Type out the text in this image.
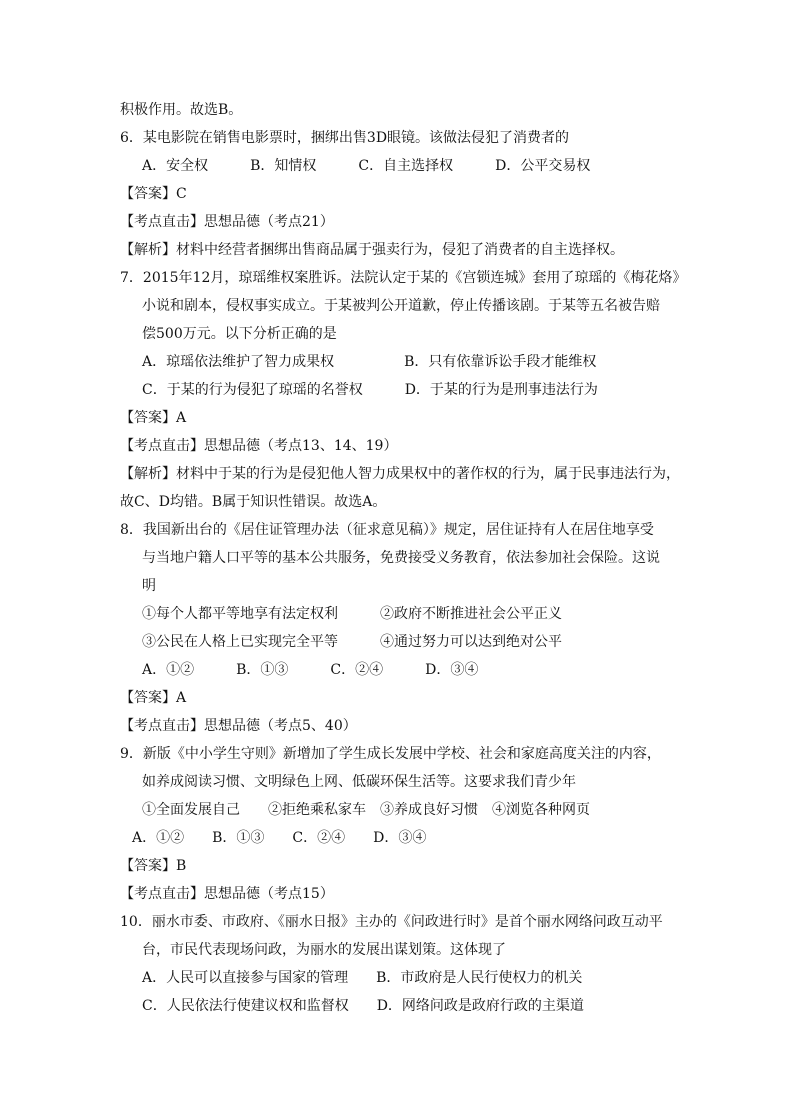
积极作用。故选B。
6．某电影院在销售电影票时，捆绑出售3D眼镜。该做法侵犯了消费者的
A．安全权　　　B．知情权　　　C．自主选择权　　　D．公平交易权
【答案】C
【考点直击】思想品德（考点21）
【解析】材料中经营者捆绑出售商品属于强卖行为，侵犯了消费者的自主选择权。
7．2015年12月，琼瑶维权案胜诉。法院认定于某的《宫锁连城》套用了琼瑶的《梅花烙》
小说和剧本，侵权事实成立。于某被判公开道歉，停止传播该剧。于某等五名被告赔
偿500万元。以下分析正确的是
A．琼瑶依法维护了智力成果权　　　　　B．只有依靠诉讼手段才能维权
C．于某的行为侵犯了琼瑶的名誉权　　　D．于某的行为是刑事违法行为
【答案】A
【考点直击】思想品德（考点13、14、19）
【解析】材料中于某的行为是侵犯他人智力成果权中的著作权的行为，属于民事违法行为，
故C、D均错。B属于知识性错误。故选A。
8．我国新出台的《居住证管理办法（征求意见稿）》规定，居住证持有人在居住地享受
与当地户籍人口平等的基本公共服务，免费接受义务教育，依法参加社会保险。这说
明
①每个人都平等地享有法定权利　　　②政府不断推进社会公平正义
③公民在人格上已实现完全平等　　　④通过努力可以达到绝对公平
A．①②　　　B．①③　　　C．②④　　　D．③④
【答案】A
【考点直击】思想品德（考点5、40）
9．新版《中小学生守则》新增加了学生成长发展中学校、社会和家庭高度关注的内容，
如养成阅读习惯、文明绿色上网、低碳环保生活等。这要求我们青少年
①全面发展自己　　②拒绝乘私家车　③养成良好习惯　④浏览各种网页
A．①②　　B．①③　　C．②④　　D．③④
【答案】B
【考点直击】思想品德（考点15）
10．丽水市委、市政府、《丽水日报》主办的《问政进行时》是首个丽水网络问政互动平
台，市民代表现场问政，为丽水的发展出谋划策。这体现了
A．人民可以直接参与国家的管理　　B．市政府是人民行使权力的机关
C．人民依法行使建议权和监督权　　D．网络问政是政府行政的主渠道
